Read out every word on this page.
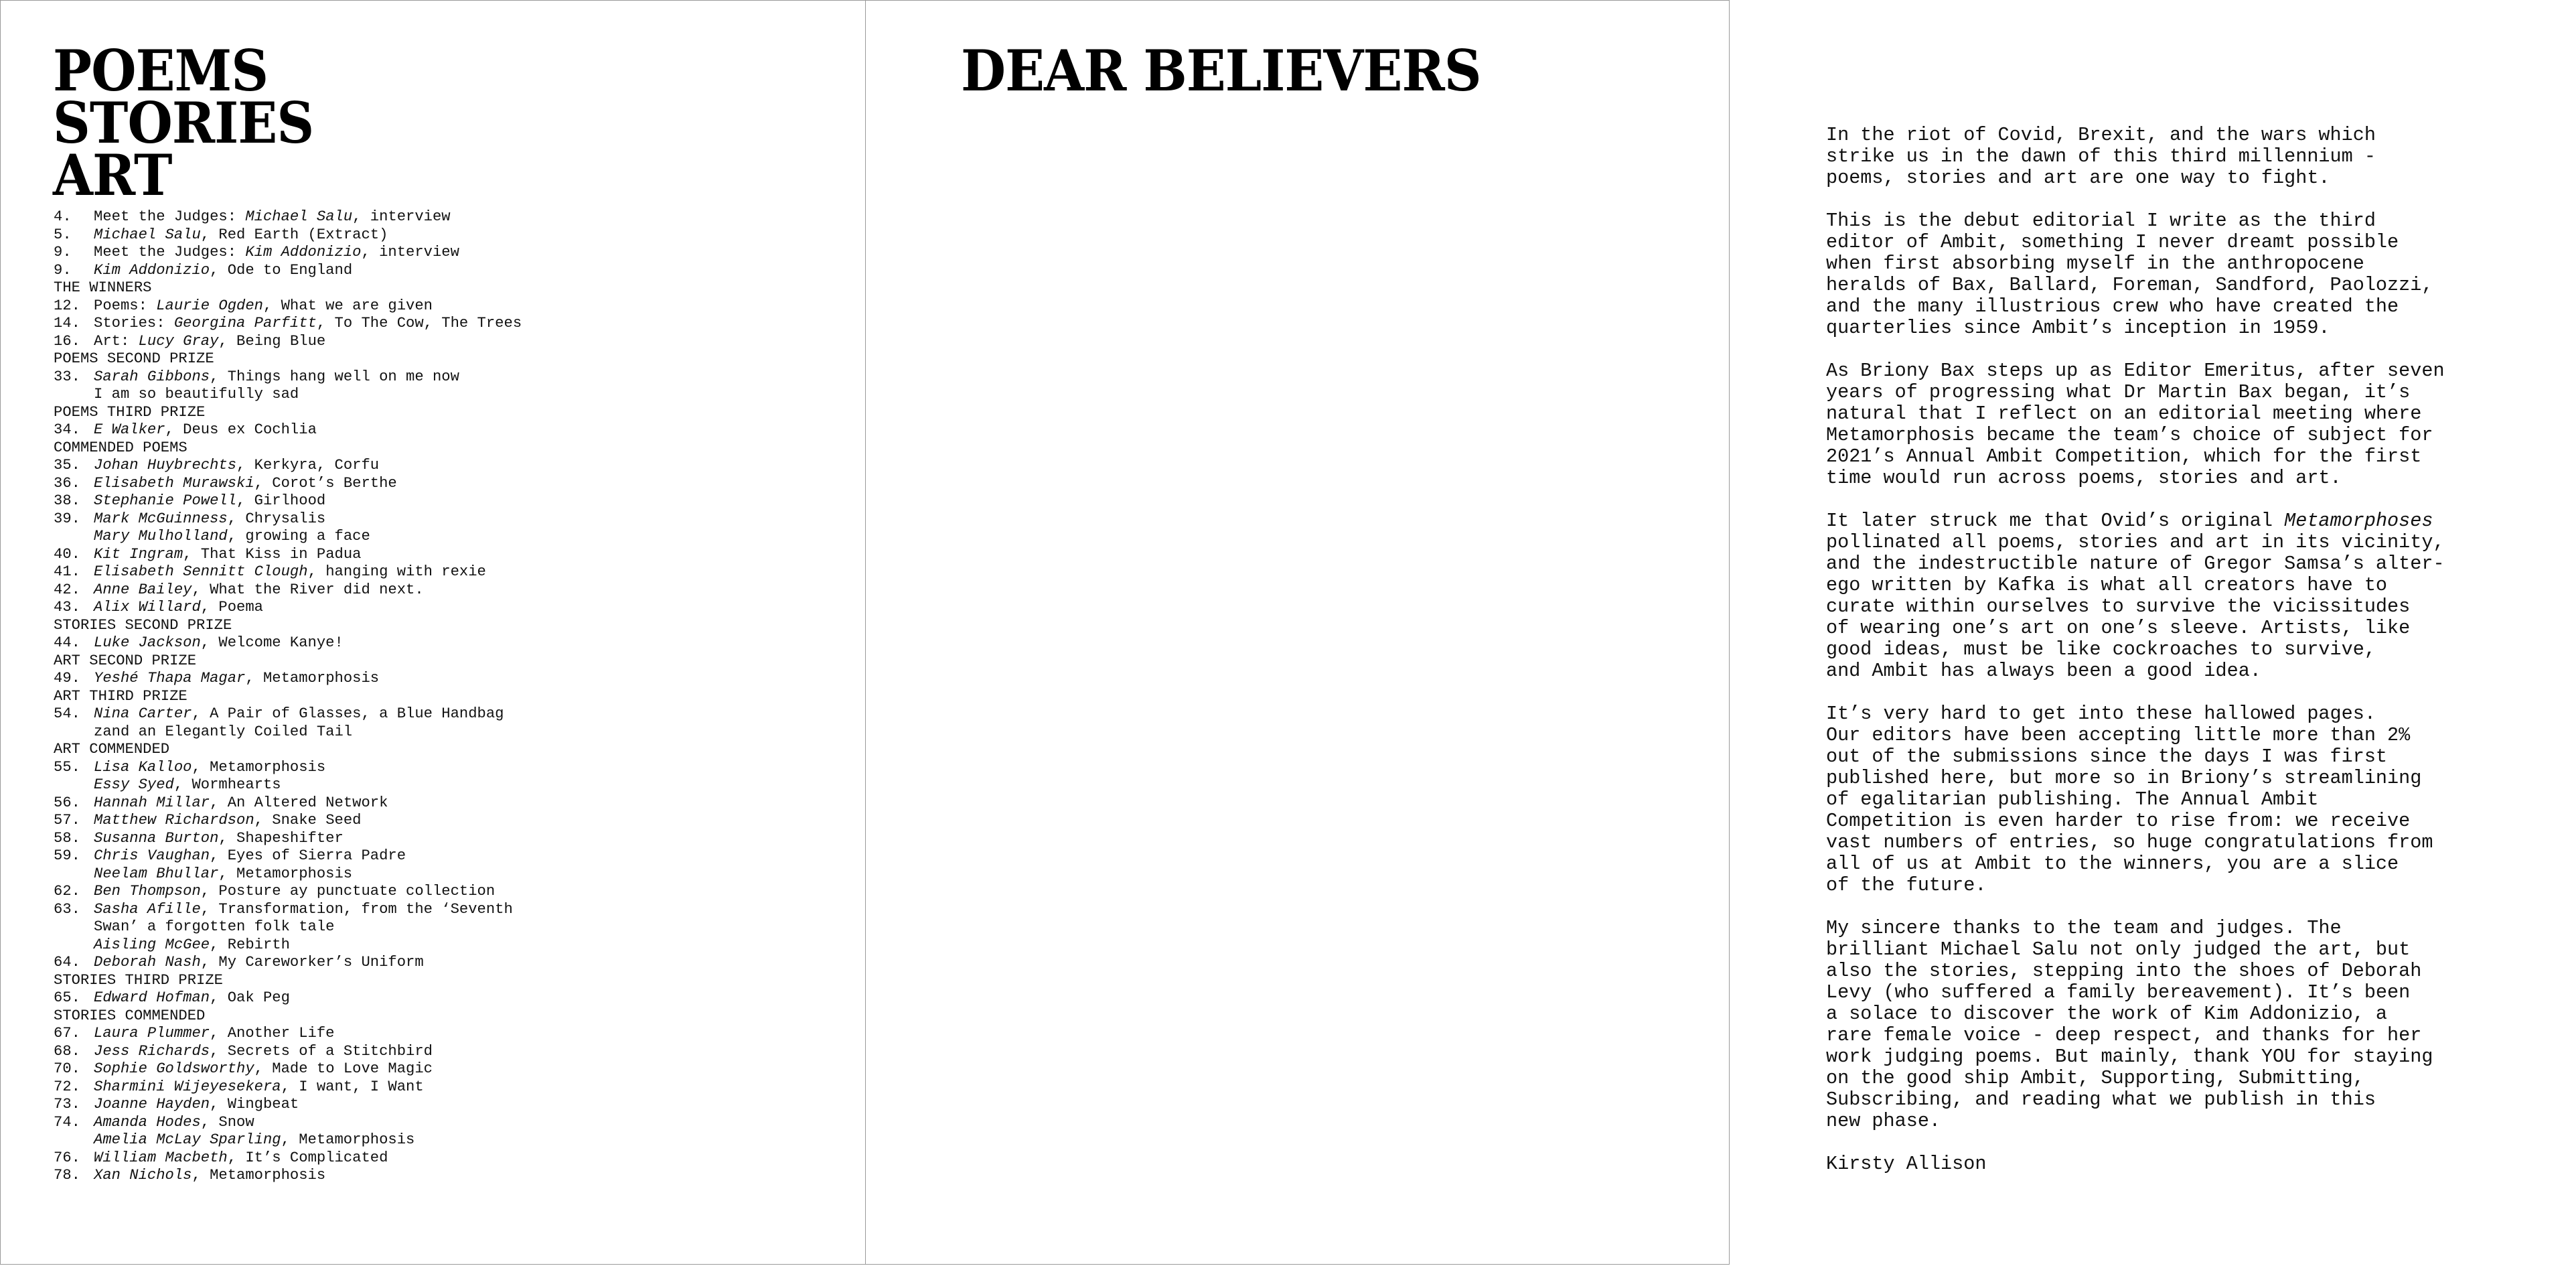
POEMS
STORIES
ART
4. Meet the Judges: Michael Salu, interview
5. Michael Salu, Red Earth (Extract)
9. Meet the Judges: Kim Addonizio, interview
9. Kim Addonizio, Ode to England
THE WINNERS
12. Poems: Laurie Ogden, What we are given
14. Stories: Georgina Parfitt, To The Cow, The Trees
16. Art: Lucy Gray, Being Blue
POEMS SECOND PRIZE
33. Sarah Gibbons, Things hang well on me now
I am so beautifully sad
POEMS THIRD PRIZE
34. E Walker, Deus ex Cochlia
COMMENDED POEMS
35. Johan Huybrechts, Kerkyra, Corfu
36. Elisabeth Murawski, Corot’s Berthe
38. Stephanie Powell, Girlhood
39. Mark McGuinness, Chrysalis
Mary Mulholland, growing a face
40. Kit Ingram, That Kiss in Padua
41. Elisabeth Sennitt Clough, hanging with rexie
42. Anne Bailey, What the River did next.
43. Alix Willard, Poema
STORIES SECOND PRIZE
44. Luke Jackson, Welcome Kanye!
ART SECOND PRIZE
49. Yeshé Thapa Magar, Metamorphosis
ART THIRD PRIZE
54. Nina Carter, A Pair of Glasses, a Blue Handbag
zand an Elegantly Coiled Tail
ART COMMENDED
55. Lisa Kalloo, Metamorphosis
Essy Syed, Wormhearts
56. Hannah Millar, An Altered Network
57. Matthew Richardson, Snake Seed
58. Susanna Burton, Shapeshifter
59. Chris Vaughan, Eyes of Sierra Padre
Neelam Bhullar, Metamorphosis
62. Ben Thompson, Posture ay punctuate collection
63. Sasha Afille, Transformation, from the ‘Seventh
Swan’ a forgotten folk tale
Aisling McGee, Rebirth
64. Deborah Nash, My Careworker’s Uniform
STORIES THIRD PRIZE
65. Edward Hofman, Oak Peg
STORIES COMMENDED
67. Laura Plummer, Another Life
68. Jess Richards, Secrets of a Stitchbird
70. Sophie Goldsworthy, Made to Love Magic
72. Sharmini Wijeyesekera, I want, I Want
73. Joanne Hayden, Wingbeat
74. Amanda Hodes, Snow
Amelia McLay Sparling, Metamorphosis
76. William Macbeth, It’s Complicated
78. Xan Nichols, Metamorphosis
DEAR BELIEVERS

In the riot of Covid, Brexit, and the wars which
strike us in the dawn of this third millennium -
poems, stories and art are one way to fight.

This is the debut editorial I write as the third
editor of Ambit, something I never dreamt possible
when first absorbing myself in the anthropocene
heralds of Bax, Ballard, Foreman, Sandford, Paolozzi,
and the many illustrious crew who have created the
quarterlies since Ambit’s inception in 1959.

As Briony Bax steps up as Editor Emeritus, after seven
years of progressing what Dr Martin Bax began, it’s
natural that I reflect on an editorial meeting where
Metamorphosis became the team’s choice of subject for
2021’s Annual Ambit Competition, which for the first
time would run across poems, stories and art.

It later struck me that Ovid’s original Metamorphoses
pollinated all poems, stories and art in its vicinity,
and the indestructible nature of Gregor Samsa’s alter-
ego written by Kafka is what all creators have to
curate within ourselves to survive the vicissitudes
of wearing one’s art on one’s sleeve. Artists, like
good ideas, must be like cockroaches to survive,
and Ambit has always been a good idea.

It’s very hard to get into these hallowed pages.
Our editors have been accepting little more than 2%
out of the submissions since the days I was first
published here, but more so in Briony’s streamlining
of egalitarian publishing. The Annual Ambit
Competition is even harder to rise from: we receive
vast numbers of entries, so huge congratulations from
all of us at Ambit to the winners, you are a slice
of the future.

My sincere thanks to the team and judges. The
brilliant Michael Salu not only judged the art, but
also the stories, stepping into the shoes of Deborah
Levy (who suffered a family bereavement). It’s been
a solace to discover the work of Kim Addonizio, a
rare female voice - deep respect, and thanks for her
work judging poems. But mainly, thank YOU for staying
on the good ship Ambit, Supporting, Submitting,
Subscribing, and reading what we publish in this
new phase.

Kirsty Allison
